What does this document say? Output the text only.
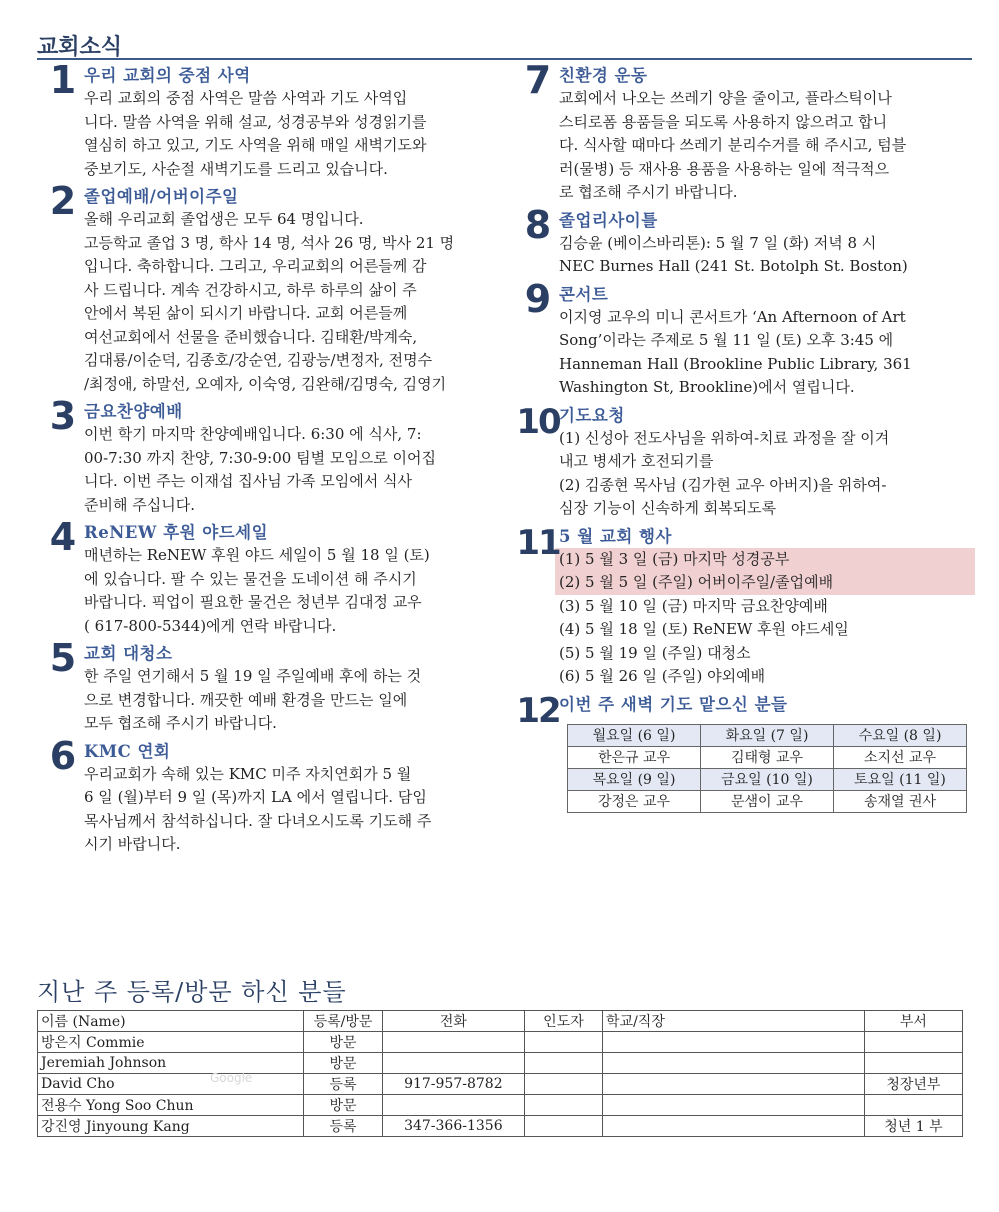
교회소식
1 우리 교회의 중점 사역
우리 교회의 중점 사역은 말씀 사역과 기도 사역입
니다. 말씀 사역을 위해 설교, 성경공부와 성경읽기를
열심히 하고 있고, 기도 사역을 위해 매일 새벽기도와
중보기도, 사순절 새벽기도를 드리고 있습니다.
2 졸업예배/어버이주일
올해 우리교회 졸업생은 모두 64 명입니다.
고등학교 졸업 3 명, 학사 14 명, 석사 26 명, 박사 21 명
입니다. 축하합니다. 그리고, 우리교회의 어른들께 감
사 드립니다. 계속 건강하시고, 하루 하루의 삶이 주
안에서 복된 삶이 되시기 바랍니다. 교회 어른들께
여선교회에서 선물을 준비했습니다. 김태환/박계숙,
김대룡/이순덕, 김종호/강순연, 김광능/변정자, 전명수
/최정애, 하말선, 오예자, 이숙영, 김완해/김명숙, 김영기
3 금요찬양예배
이번 학기 마지막 찬양예배입니다. 6:30 에 식사, 7:
00-7:30 까지 찬양, 7:30-9:00 팀별 모임으로 이어집
니다. 이번 주는 이재섭 집사님 가족 모임에서 식사
준비해 주십니다.
4 ReNEW 후원 야드세일
매년하는 ReNEW 후원 야드 세일이 5 월 18 일 (토)
에 있습니다. 팔 수 있는 물건을 도네이션 해 주시기
바랍니다. 픽업이 필요한 물건은 청년부 김대정 교우
( 617-800-5344)에게 연락 바랍니다.
5 교회 대청소
한 주일 연기해서 5 월 19 일 주일예배 후에 하는 것
으로 변경합니다. 깨끗한 예배 환경을 만드는 일에
모두 협조해 주시기 바랍니다.
6 KMC 연회
우리교회가 속해 있는 KMC 미주 자치연회가 5 월
6 일 (월)부터 9 일 (목)까지 LA 에서 열립니다. 담임
목사님께서 참석하십니다. 잘 다녀오시도록 기도해 주
시기 바랍니다.
7 친환경 운동
교회에서 나오는 쓰레기 양을 줄이고, 플라스틱이나
스티로폼 용품들을 되도록 사용하지 않으려고 합니
다. 식사할 때마다 쓰레기 분리수거를 해 주시고, 텀블
러(물병) 등 재사용 용품을 사용하는 일에 적극적으
로 협조해 주시기 바랍니다.
8 졸업리사이틀
김승윤 (베이스바리톤): 5 월 7 일 (화) 저녁 8 시
NEC Burnes Hall (241 St. Botolph St. Boston)
9 콘서트
이지영 교우의 미니 콘서트가 ‘An Afternoon of Art
Song’이라는 주제로 5 월 11 일 (토) 오후 3:45 에
Hanneman Hall (Brookline Public Library, 361
Washington St, Brookline)에서 열립니다.
10 기도요청
(1) 신성아 전도사님을 위하여-치료 과정을 잘 이겨
내고 병세가 호전되기를
(2) 김종현 목사님 (김가현 교우 아버지)을 위하여-
심장 기능이 신속하게 회복되도록
11 5 월 교회 행사
(1) 5 월 3 일 (금) 마지막 성경공부
(2) 5 월 5 일 (주일) 어버이주일/졸업예배
(3) 5 월 10 일 (금) 마지막 금요찬양예배
(4) 5 월 18 일 (토) ReNEW 후원 야드세일
(5) 5 월 19 일 (주일) 대청소
(6) 5 월 26 일 (주일) 야외예배
12 이번 주 새벽 기도 맡으신 분들
월요일 (6 일)	화요일 (7 일)	수요일 (8 일)
한은규 교우	김태형 교우	소지선 교우
목요일 (9 일)	금요일 (10 일)	토요일 (11 일)
강정은 교우	문샘이 교우	송재열 권사
지난 주 등록/방문 하신 분들
이름 (Name)	등록/방문	전화	인도자	학교/직장	부서
방은지 Commie	방문				
Jeremiah Johnson	방문				
David Cho	등록	917-957-8782			청장년부
전용수 Yong Soo Chun	방문				
강진영 Jinyoung Kang	등록	347-366-1356			청년 1 부
Google
